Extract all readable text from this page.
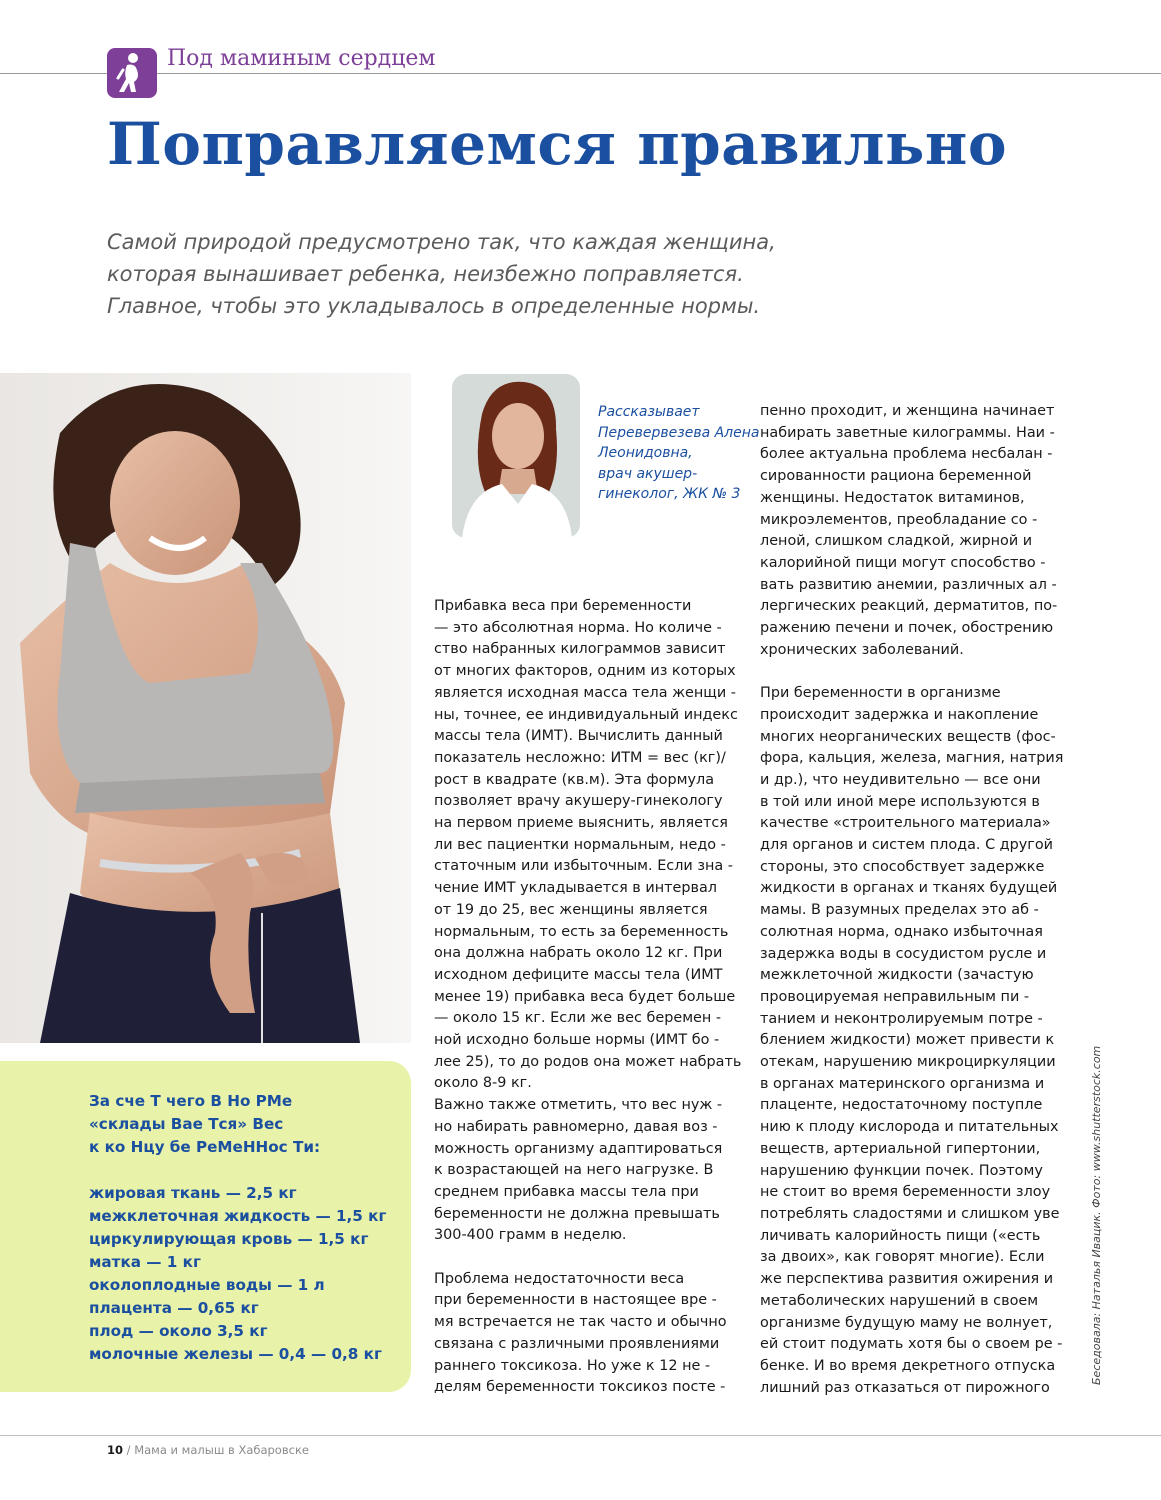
Под маминым сердцем
Поправляемся правильно
Самой природой предусмотрено так, что каждая женщина,
которая вынашивает ребенка, неизбежно поправляется.
Главное, чтобы это укладывалось в определенные нормы.
Рассказывает
Перевервезева Алена
Леонидовна,
врач акушер-
гинеколог, ЖК № 3
Прибавка веса при беременности
— это абсолютная норма. Но количе -
ство набранных килограммов зависит
от многих факторов, одним из которых
является исходная масса тела женщи -
ны, точнее, ее индивидуальный индекс
массы тела (ИМТ). Вычислить данный
показатель несложно: ИТМ = вес (кг)/
рост в квадрате (кв.м). Эта формула
позволяет врачу акушеру-гинекологу
на первом приеме выяснить, является
ли вес пациентки нормальным, недо -
статочным или избыточным. Если зна -
чение ИМТ укладывается в интервал
от 19 до 25, вес женщины является
нормальным, то есть за беременность
она должна набрать около 12 кг. При
исходном дефиците массы тела (ИМТ
менее 19) прибавка веса будет больше
— около 15 кг. Если же вес беремен -
ной исходно больше нормы (ИМТ бо -
лее 25), то до родов она может набрать
около 8-9 кг.
Важно также отметить, что вес нуж -
но набирать равномерно, давая воз -
можность организму адаптироваться
к возрастающей на него нагрузке. В
среднем прибавка массы тела при
беременности не должна превышать
300-400 грамм в неделю.
Проблема недостаточности веса
при беременности в настоящее вре -
мя встречается не так часто и обычно
связана с различными проявлениями
раннего токсикоза. Но уже к 12 не -
делям беременности токсикоз посте -
пенно проходит, и женщина начинает
набирать заветные килограммы. Наи -
более актуальна проблема несбалан -
сированности рациона беременной
женщины. Недостаток витаминов,
микроэлементов, преобладание со -
леной, слишком сладкой, жирной и
калорийной пищи могут способство -
вать развитию анемии, различных ал -
лергических реакций, дерматитов, по-
ражению печени и почек, обострению
хронических заболеваний.
При беременности в организме
происходит задержка и накопление
многих неорганических веществ (фос-
фора, кальция, железа, магния, натрия
и др.), что неудивительно — все они
в той или иной мере используются в
качестве «строительного материала»
для органов и систем плода. С другой
стороны, это способствует задержке
жидкости в органах и тканях будущей
мамы. В разумных пределах это аб -
солютная норма, однако избыточная
задержка воды в сосудистом русле и
межклеточной жидкости (зачастую
провоцируемая неправильным пи -
танием и неконтролируемым потре -
блением жидкости) может привести к
отекам, нарушению микроциркуляции
в органах материнского организма и
плаценте, недостаточному поступле
нию к плоду кислорода и питательных
веществ, артериальной гипертонии,
нарушению функции почек. Поэтому
не стоит во время беременности злоу
потреблять сладостями и слишком уве
личивать калорийность пищи («есть
за двоих», как говорят многие). Если
же перспектива развития ожирения и
метаболических нарушений в своем
организме будущую маму не волнует,
ей стоит подумать хотя бы о своем ре -
бенке. И во время декретного отпуска
лишний раз отказаться от пирожного
За сче Т чего В Но РМе
«склады Вае Тся» Вес
к ко Нцу бе РеМеННос Ти:
жировая ткань — 2,5 кг
межклеточная жидкость — 1,5 кг
циркулирующая кровь — 1,5 кг
матка — 1 кг
околоплодные воды — 1 л
плацента — 0,65 кг
плод — около 3,5 кг
молочные железы — 0,4 — 0,8 кг	Беседовала: Наталья Ивацик. Фото: www.shutterstock.com
10 / Мама и малыш в Хабаровске
